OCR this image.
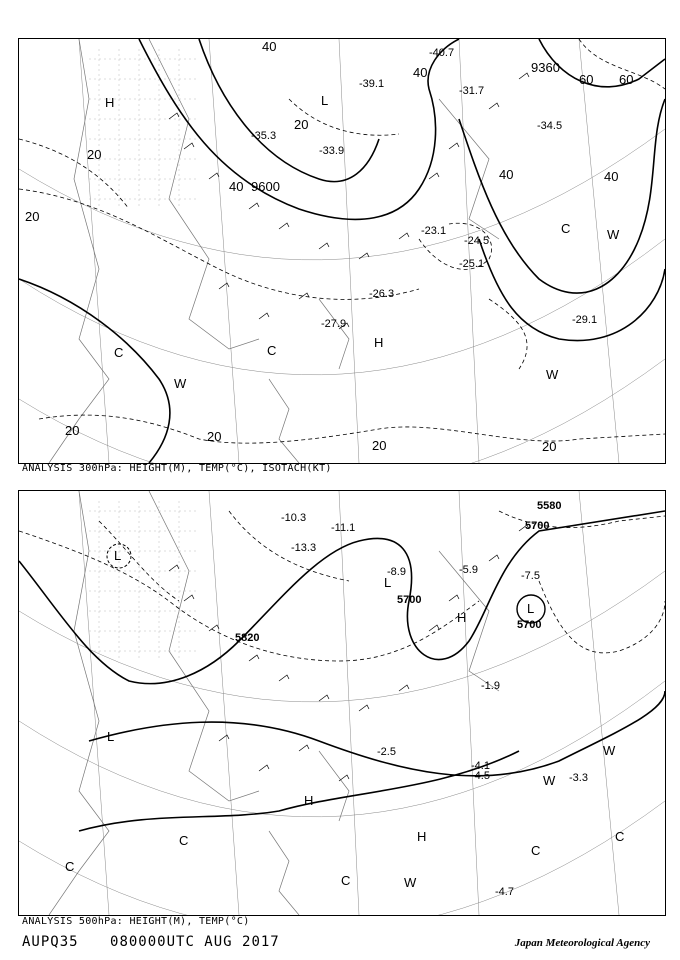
9360
9600
20
20
20
20	20
20	20
40
40
40
40	40
60 60
H
H
L
C	C
C
W
W
W
-23.1
-24.5
-25.1
-26.3
-27.9	-29.1
-31.7
-33.9
-34.5
-35.3
-40.7
-39.1
ANALYSIS 300hPa: HEIGHT(M), TEMP(°C), ISOTACH(KT)
5580
5700
5700
5700
5820
H
H
H
L
L
L
L
C
C
C
C
C
W
W
W
-1.9
-2.5
-3.3
-4.1
-4.5
-4.7
-5.9	-7.5
-8.9
-10.3
-11.1
-13.3
ANALYSIS 500hPa: HEIGHT(M), TEMP(°C)
AUPQ35 080000UTC AUG 2017	Japan Meteorological Agency
